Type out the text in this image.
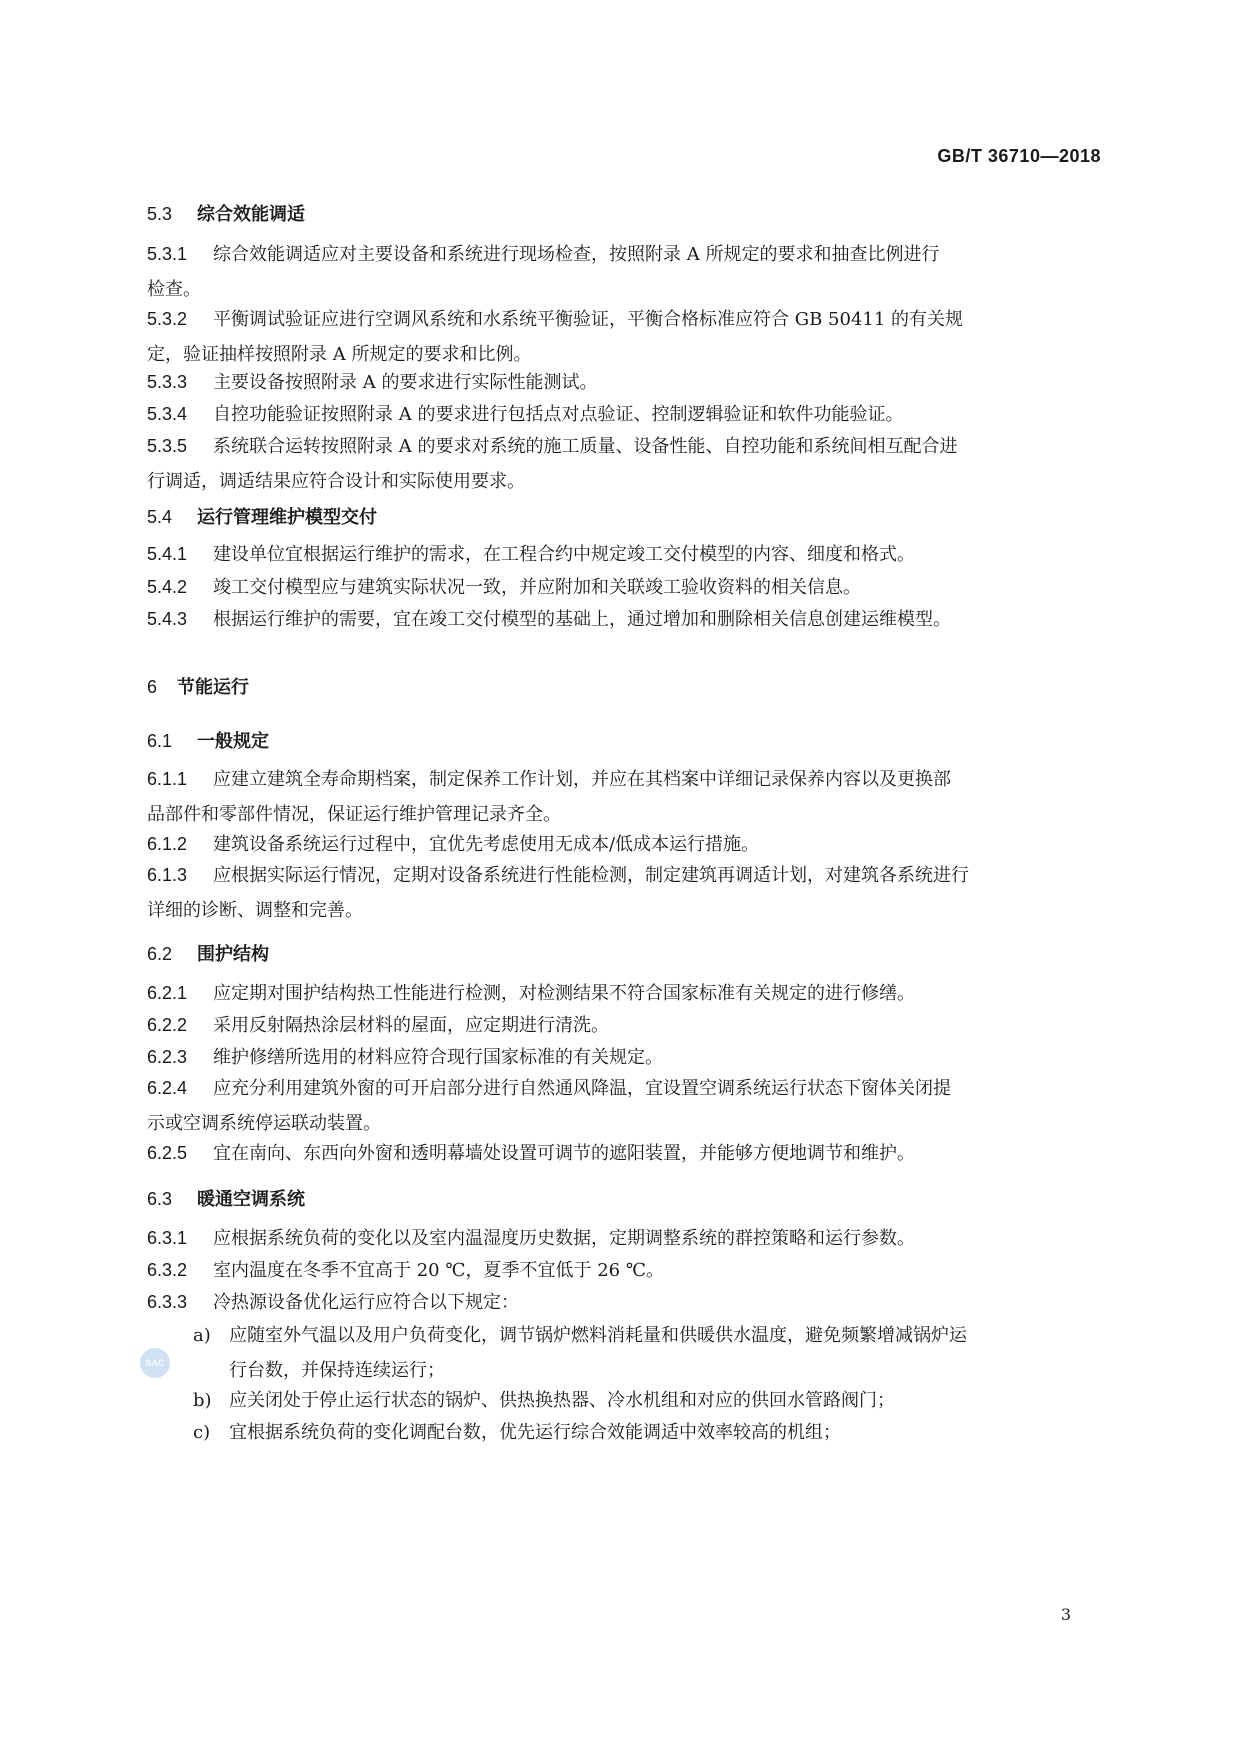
GB/T 36710—2018
5.3 综合效能调适
5.3.1 综合效能调适应对主要设备和系统进行现场检查，按照附录 A 所规定的要求和抽查比例进行
检查。
5.3.2 平衡调试验证应进行空调风系统和水系统平衡验证，平衡合格标准应符合 GB 50411 的有关规
定，验证抽样按照附录 A 所规定的要求和比例。
5.3.3 主要设备按照附录 A 的要求进行实际性能测试。
5.3.4 自控功能验证按照附录 A 的要求进行包括点对点验证、控制逻辑验证和软件功能验证。
5.3.5 系统联合运转按照附录 A 的要求对系统的施工质量、设备性能、自控功能和系统间相互配合进
行调适，调适结果应符合设计和实际使用要求。
5.4 运行管理维护模型交付
5.4.1 建设单位宜根据运行维护的需求，在工程合约中规定竣工交付模型的内容、细度和格式。
5.4.2 竣工交付模型应与建筑实际状况一致，并应附加和关联竣工验收资料的相关信息。
5.4.3 根据运行维护的需要，宜在竣工交付模型的基础上，通过增加和删除相关信息创建运维模型。
6 节能运行
6.1 一般规定
6.1.1 应建立建筑全寿命期档案，制定保养工作计划，并应在其档案中详细记录保养内容以及更换部
品部件和零部件情况，保证运行维护管理记录齐全。
6.1.2 建筑设备系统运行过程中，宜优先考虑使用无成本/低成本运行措施。
6.1.3 应根据实际运行情况，定期对设备系统进行性能检测，制定建筑再调适计划，对建筑各系统进行
详细的诊断、调整和完善。
6.2 围护结构
6.2.1 应定期对围护结构热工性能进行检测，对检测结果不符合国家标准有关规定的进行修缮。
6.2.2 采用反射隔热涂层材料的屋面，应定期进行清洗。
6.2.3 维护修缮所选用的材料应符合现行国家标准的有关规定。
6.2.4 应充分利用建筑外窗的可开启部分进行自然通风降温，宜设置空调系统运行状态下窗体关闭提
示或空调系统停运联动装置。
6.2.5 宜在南向、东西向外窗和透明幕墙处设置可调节的遮阳装置，并能够方便地调节和维护。
6.3 暖通空调系统
6.3.1 应根据系统负荷的变化以及室内温湿度历史数据，定期调整系统的群控策略和运行参数。
6.3.2 室内温度在冬季不宜高于 20 ℃，夏季不宜低于 26 ℃。
6.3.3 冷热源设备优化运行应符合以下规定：
a) 应随室外气温以及用户负荷变化，调节锅炉燃料消耗量和供暖供水温度，避免频繁增减锅炉运
行台数，并保持连续运行；
b) 应关闭处于停止运行状态的锅炉、供热换热器、冷水机组和对应的供回水管路阀门；
c) 宜根据系统负荷的变化调配台数，优先运行综合效能调适中效率较高的机组；
SAC
3
